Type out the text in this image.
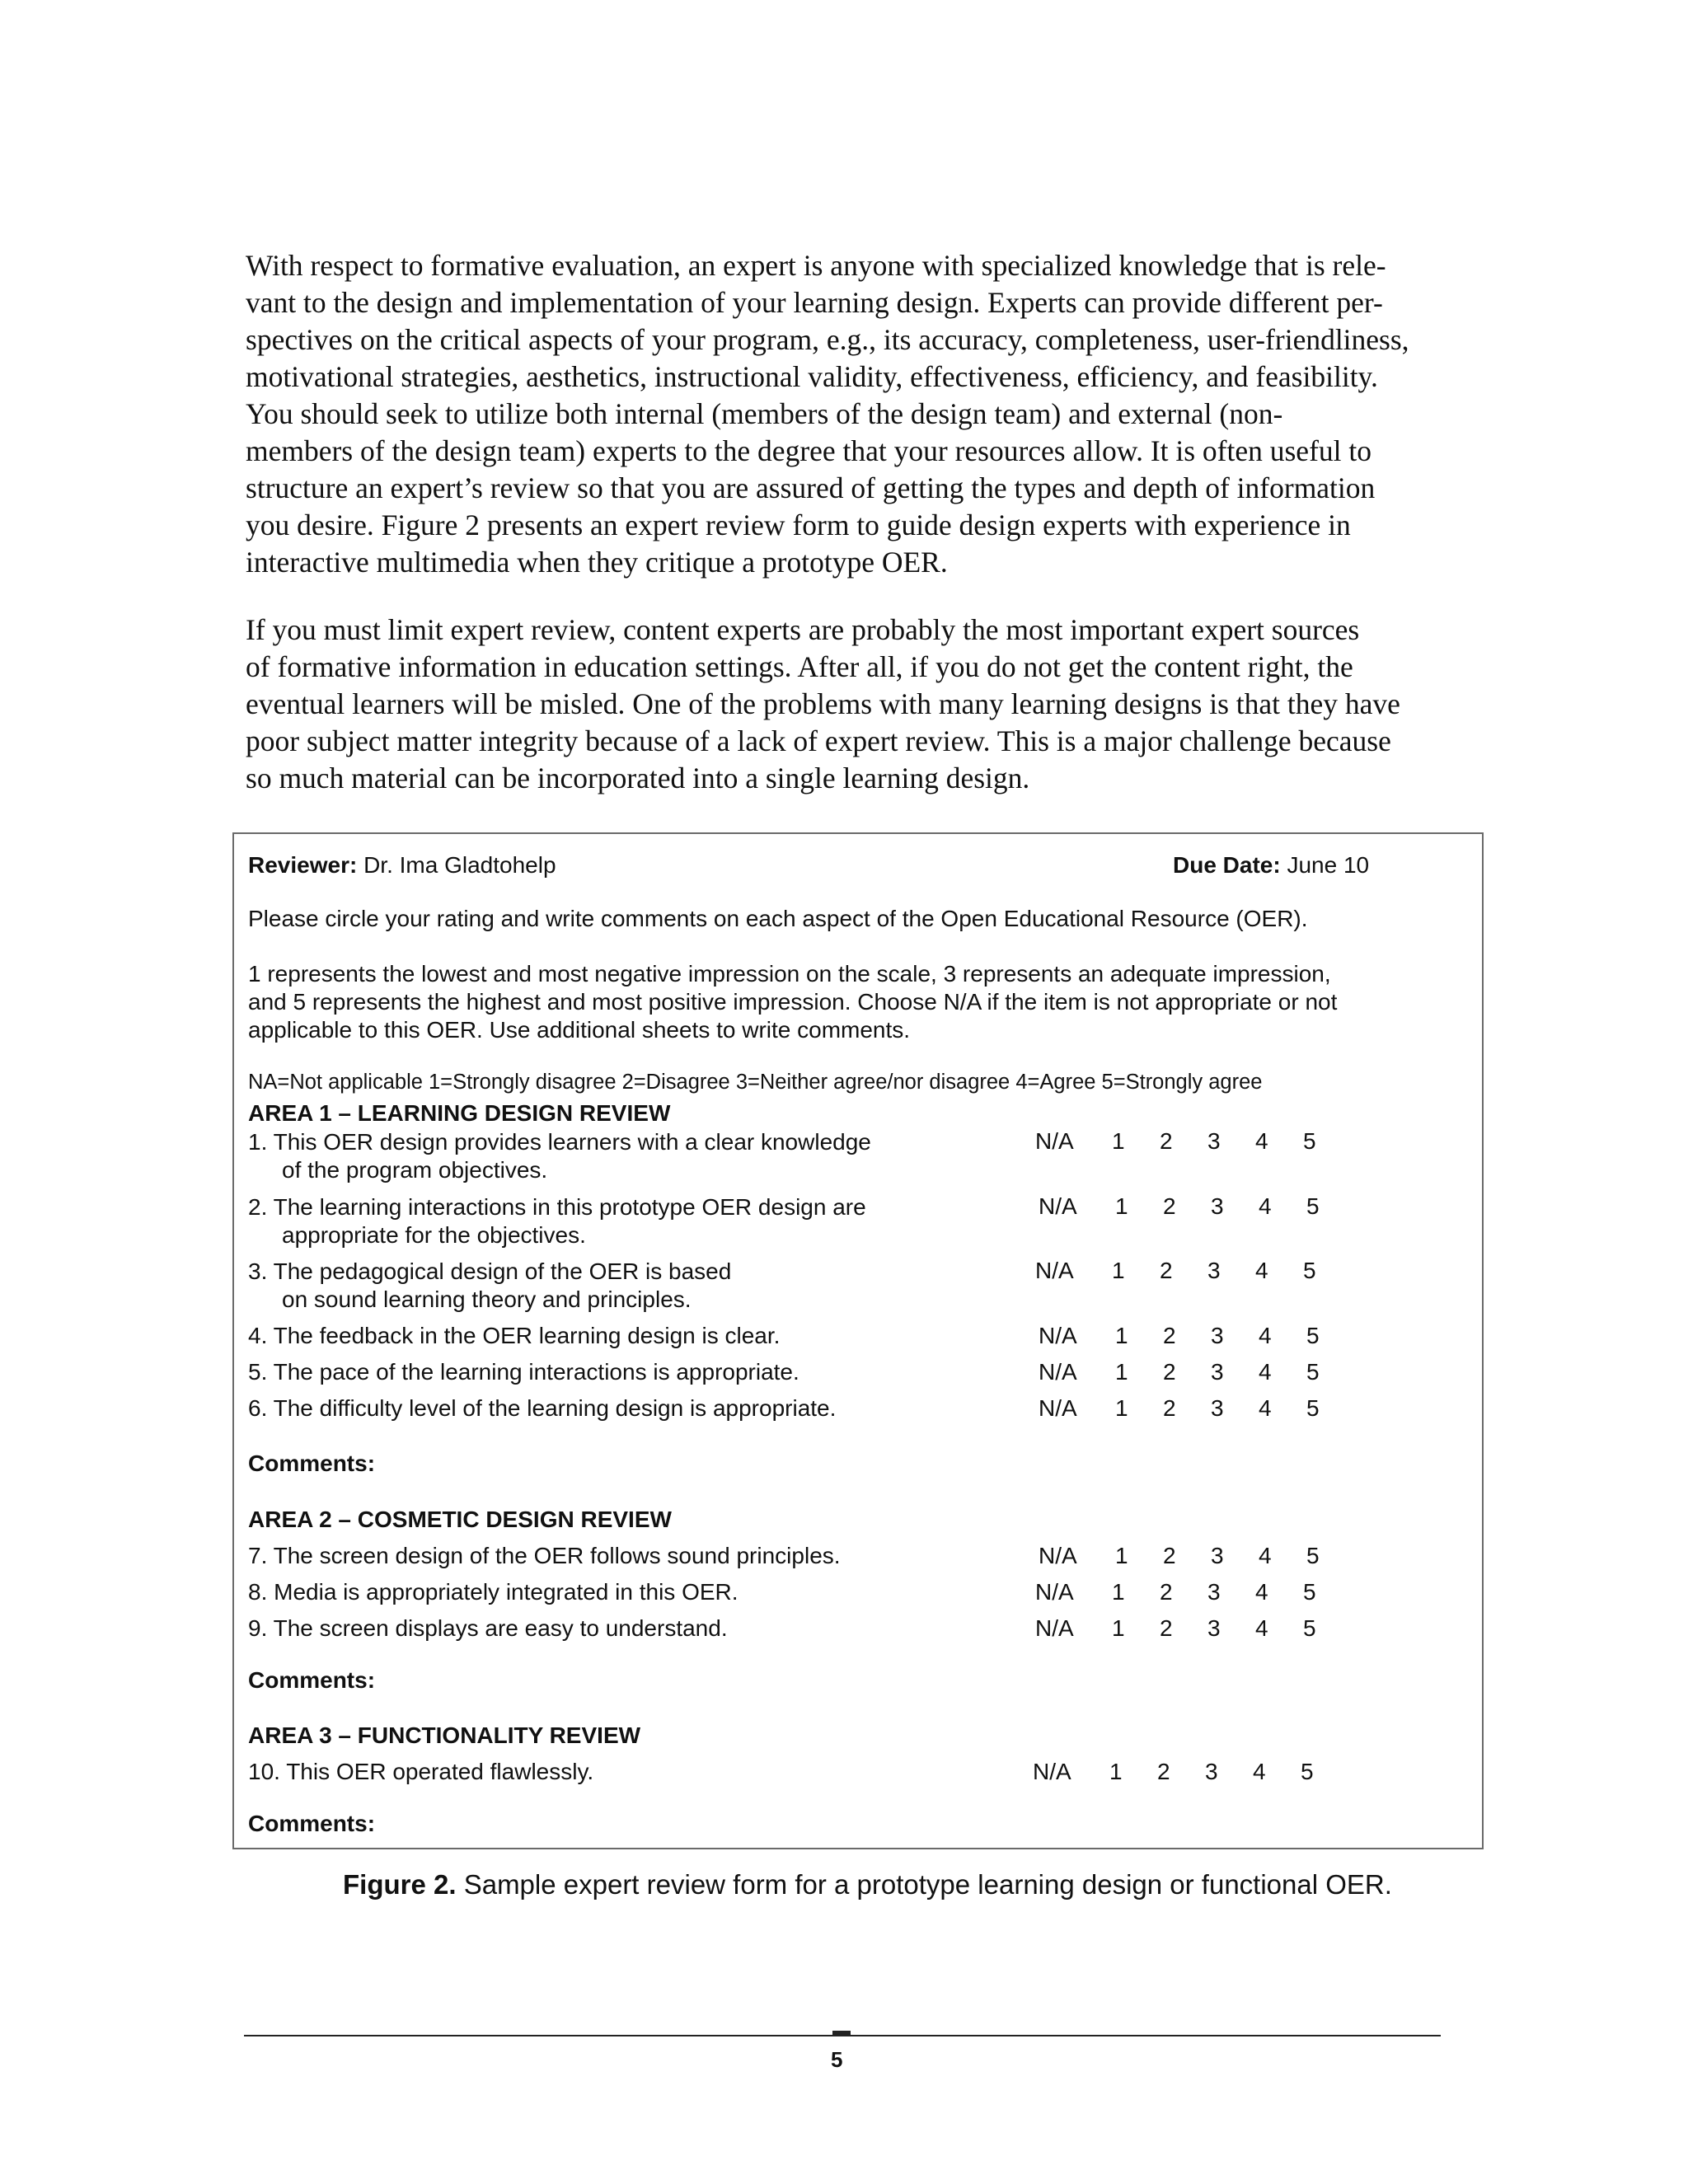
With respect to formative evaluation, an expert is anyone with specialized knowledge that is rele-
vant to the design and implementation of your learning design. Experts can provide different per-
spectives on the critical aspects of your program, e.g., its accuracy, completeness, user-friendliness,
motivational strategies, aesthetics, instructional validity, effectiveness, efficiency, and feasibility.
You should seek to utilize both internal (members of the design team) and external (non-
members of the design team) experts to the degree that your resources allow. It is often useful to
structure an expert’s review so that you are assured of getting the types and depth of information
you desire. Figure 2 presents an expert review form to guide design experts with experience in
interactive multimedia when they critique a prototype OER.

If you must limit expert review, content experts are probably the most important expert sources
of formative information in education settings. After all, if you do not get the content right, the
eventual learners will be misled. One of the problems with many learning designs is that they have
poor subject matter integrity because of a lack of expert review. This is a major challenge because
so much material can be incorporated into a single learning design.

Reviewer: Dr. Ima Gladtohelp	Due Date: June 10
Please circle your rating and write comments on each aspect of the Open Educational Resource (OER).
1 represents the lowest and most negative impression on the scale, 3 represents an adequate impression,
and 5 represents the highest and most positive impression. Choose N/A if the item is not appropriate or not
applicable to this OER. Use additional sheets to write comments.
NA=Not applicable 1=Strongly disagree 2=Disagree 3=Neither agree/nor disagree 4=Agree 5=Strongly agree
AREA 1 – LEARNING DESIGN REVIEW
1. This OER design provides learners with a clear knowledge
of the program objectives.
N/A 1 2 3 4 5
2. The learning interactions in this prototype OER design are
appropriate for the objectives.
N/A 1 2 3 4 5
3. The pedagogical design of the OER is based
on sound learning theory and principles.
N/A 1 2 3 4 5
4. The feedback in the OER learning design is clear.	N/A 1 2 3 4 5
5. The pace of the learning interactions is appropriate.	N/A 1 2 3 4 5
6. The difficulty level of the learning design is appropriate.	N/A 1 2 3 4 5
Comments:
AREA 2 – COSMETIC DESIGN REVIEW
7. The screen design of the OER follows sound principles.	N/A 1 2 3 4 5
8. Media is appropriately integrated in this OER.	N/A 1 2 3 4 5
9. The screen displays are easy to understand.	N/A 1 2 3 4 5
Comments:
AREA 3 – FUNCTIONALITY REVIEW
10. This OER operated flawlessly.	N/A 1 2 3 4 5
Comments:
Figure 2. Sample expert review form for a prototype learning design or functional OER.
5
